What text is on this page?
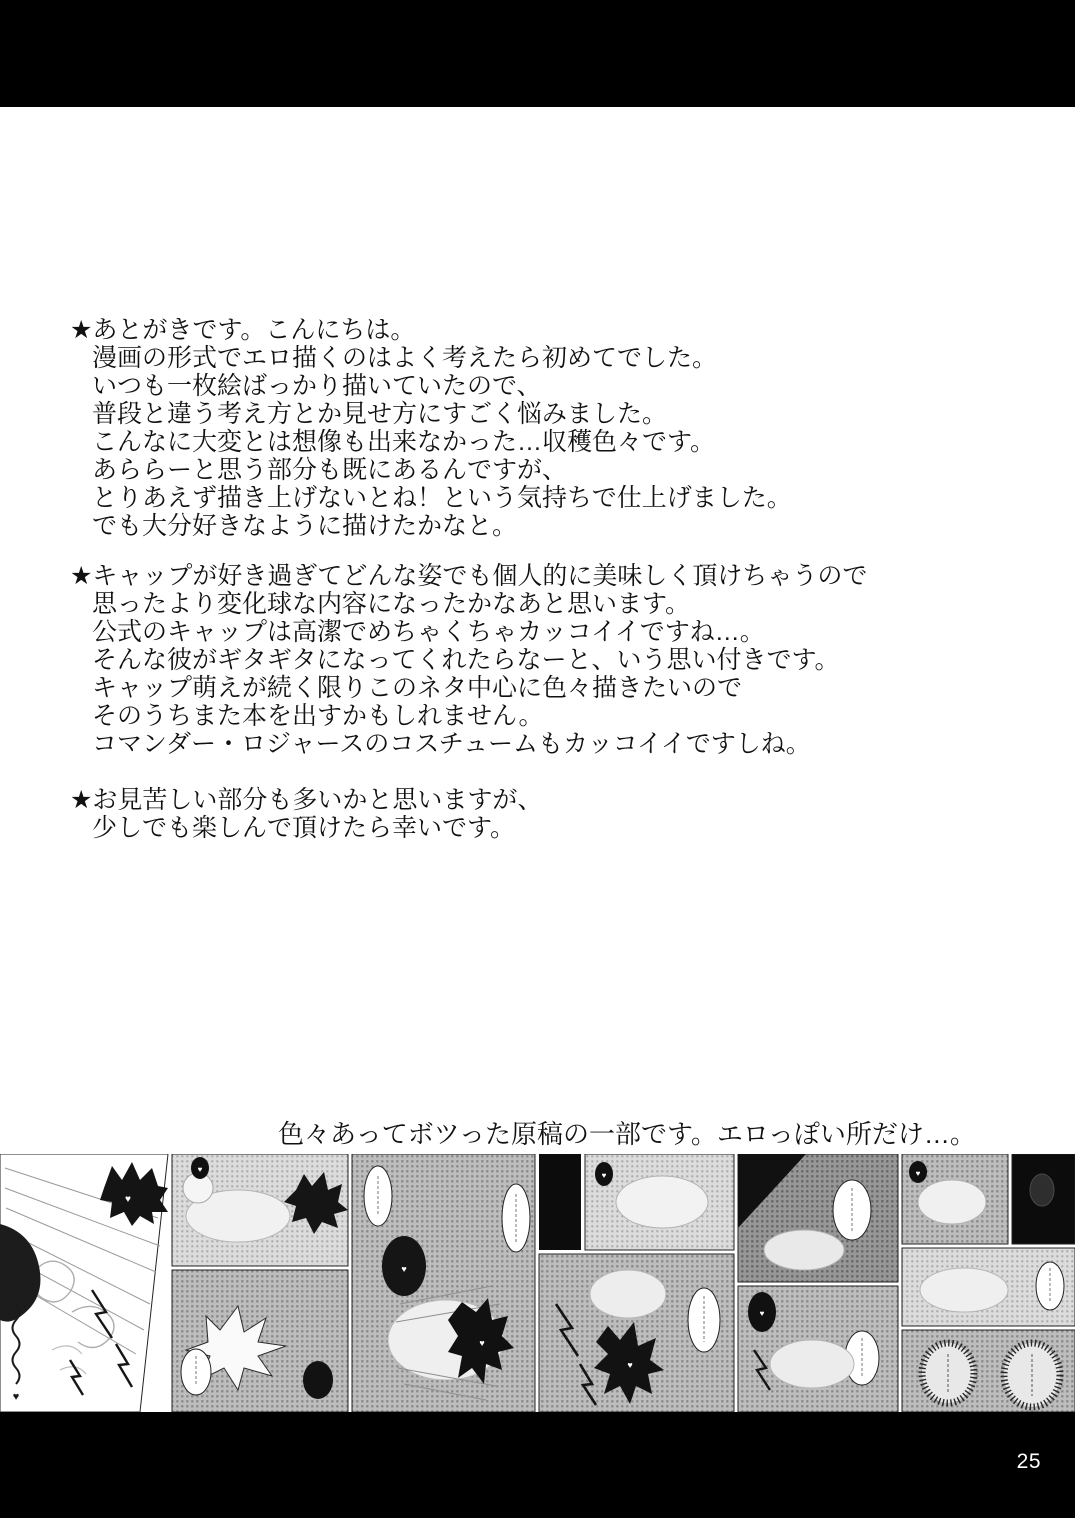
★あとがきです。こんにちは。
漫画の形式でエロ描くのはよく考えたら初めてでした。
いつも一枚絵ばっかり描いていたので、
普段と違う考え方とか見せ方にすごく悩みました。
こんなに大変とは想像も出来なかった…収穫色々です。
あららーと思う部分も既にあるんですが、
とりあえず描き上げないとね！という気持ちで仕上げました。
でも大分好きなように描けたかなと。
★キャップが好き過ぎてどんな姿でも個人的に美味しく頂けちゃうので
思ったより変化球な内容になったかなあと思います。
公式のキャップは高潔でめちゃくちゃカッコイイですね…。
そんな彼がギタギタになってくれたらなーと、いう思い付きです。
キャップ萌えが続く限りこのネタ中心に色々描きたいので
そのうちまた本を出すかもしれません。
コマンダー・ロジャースのコスチュームもカッコイイですしね。
★お見苦しい部分も多いかと思いますが、
少しでも楽しんで頂けたら幸いです。
色々あってボツった原稿の一部です。エロっぽい所だけ…。
♥
♥
♥
♥
♥
♥
♥
♥
♥
25
